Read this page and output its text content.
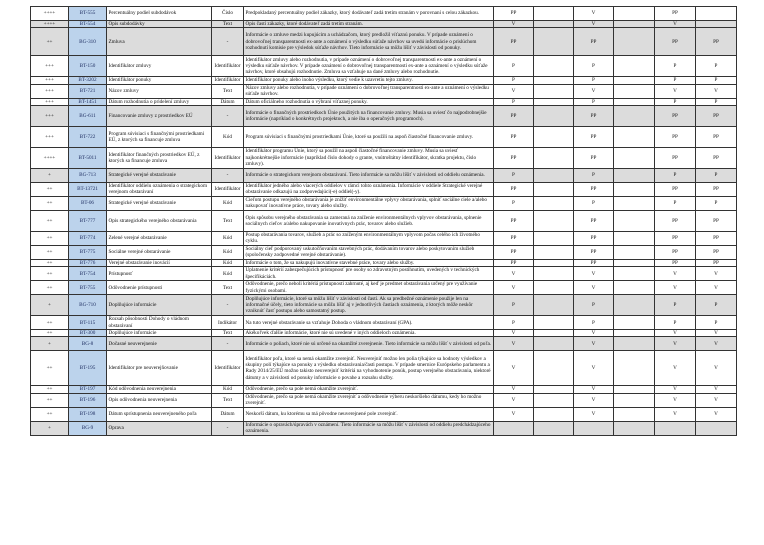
++++	BT-555	Percentuálny podiel subdodávok	Číslo	Predpokladaný percentuálny podiel zákazky, ktorý dodávateľ zadá tretím stranám v porovnaní s celou zákazkou.	PP		V		PP	
++++	BT-554	Opis subdodávky	Text	Opis častí zákazky, ktoré dodávateľ zadá tretím stranám.	V		V		V	
++	BG-310	Zmluva	-	Informácie o zmluve medzi kupujúcim a uchádzačom, ktorý predložil víťaznú ponuku. V prípade oznámení o dobrovoľnej transparentnosti ex-ante a oznámení o výsledku súťaže návrhov sa uvedú informácie o prislúchom rozhodnutí komisie pre výsledok súťaže návrhov. Tieto informácie sa môžu líšiť v závislosti od ponuky.	PP		PP		PP	PP
+++	BT-150	Identifikátor zmluvy	Identifikátor	Identifikátor zmluvy alebo rozhodnutia, v prípade oznámení o dobrovoľnej transparentnosti ex-ante a oznámení o výsledku súťaže návrhov. V prípade oznámení o dobrovoľnej transparentnosti ex-ante a oznámení o výsledku súťaže návrhov, ktoré obsahujú rozhodnutie. Zmluva sa vzťahuje na dané zmluvy alebo rozhodnutie.	P		P		P	P
+++	BT-3202	Identifikátor ponuky	Identifikátor	Identifikátor ponuky alebo inoho výsledku, ktorý vedie k uzavretiu tejto zmluvy.	P		P		P	P
+++	BT-721	Názov zmluvy	Text	Názov zmluvy alebo rozhodnutia, v prípade oznámení o dobrovoľnej transparentnosti ex-ante a oznámení o výsledku súťaže návrhov.	V		V		V	V
+++	BT-1451	Dátum rozhodnutia o pridelení zmluvy	Dátum	Dátum oficiálneho rozhodnutia o výbraní víťaznej ponuky.	P		P		P	P
+++	BG-611	Financovanie zmluvy z prostriedkov EÚ	-	Informácie o finančných prostriedkoch Únie použitých na financovanie zmluvy. Musia sa uviesť čo najpodrobnejšie informácie (napríklad o konkrétnych projektoch, a nie iba o operačných programoch).	PP		PP		PP	PP
+++	BT-722	Program súvisiaci s finančnými prostriedkami EÚ, z ktorých sa financuje zmluva	Kód	Program súvisiaci s finančnými prostriedkami Únie, ktoré sa použili na aspoň čiastočné financovanie zmluvy.	PP		PP		PP	PP
++++	BT-5011	Identifikátor finančných prostriedkov EÚ, z ktorých sa financuje zmluva	Identifikátor	Identifikátor programu Únie, ktorý sa použil na aspoň čiastočné financovanie zmluvy. Musia sa uviesť najkonkrétnejšie informácie (napríklad číslo dohody o grante, vnútroštátny identifikátor, skratka projektu, číslo zmluvy).	PP		PP		PP	PP
+	BG-713	Strategické verejné obstarávanie	-	Informácie o strategickom verejnom obstarávaní. Tieto informácie sa môžu líšiť v závislosti od oddielu oznámenia.	P		P		P	P
++	BT-13721	Identifikátor oddielu oznámenia o strategickom verejnom obstarávaní	Identifikátor	Identifikátor jedného alebo viacerých oddielov v rámci tohto oznámenia. Informácie v oddiele Strategické verejné obstarávanie odkazujú na zodpovedajúci(-e) oddiel(-y).	PP		PP		PP	PP
++	BT-06	Strategické verejné obstarávanie	Kód	Cieľom postupu verejného obstarávania je znížiť environmentálne vplyvy obstarávania, splniť sociálne ciele a/alebo nakupovať inovatívne práce, tovary alebo služby.	P		P		P	P
++	BT-777	Opis strategického verejného obstarávania	Text	Opis spôsobu verejného obstarávania sa zameraná na zníženie environmentálnych vplyvov obstarávania, splnenie sociálnych cieľov a/alebo nakupovanie inovatívnych prác, tovarov alebo služieb.	PP		PP		PP	PP
++	BT-774	Zelené verejné obstarávanie	Kód	Postup obstarávania tovarov, služieb a prác so zníženým environmentálnym vplyvom počas celého ich životného cyklu.	PP		PP		PP	PP
++	BT-775	Sociálne verejné obstarávanie	Kód	Sociálny cieľ podporovaný uskutočňovaním stavebných prác, dodávaním tovarov alebo poskytovaním služieb (spoločensky zodpovedné verejné obstarávanie).	PP		PP		PP	PP
++	BT-776	Verejné obstarávanie inovácií	Kód	Informácie o tom, že sa nakupujú inovatívne stavebné práce, tovary alebo služby.	PP		PP		PP	PP
++	BT-754	Prístupnosť	Kód	Uplatnenie kritérií zabezpečujúcich prístupnosť pre osoby so zdravotným postihnutím, uvedených v technických špecifikáciách.	V		V		V	V
++	BT-755	Odôvodnenie prístupnosti	Text	Odôvodnenie, prečo neboli kritériá prístupnosti zahrnuté, aj keď je predmet obstarávania určený pre využívanie fyzickými osobami.	V		V		V	V
+	BG-710	Doplňujúce informácie	-	Doplňujúce informácie, ktoré sa môžu líšiť v závislosti od častí. Ak sa predbežné oznámenie použije len na informačné účely, tieto informácie sa môžu líšiť aj v jednotlivých častiach oznámenia, z ktorých môže neskôr vzniknúť časť postupu alebo samostatný postup.	P		P		P	P
++	BT-115	Rozsah pôsobnosti Dohody o vládnom obstarávaní	Indikátor	Na tuto verejné obstarávanie sa vzťahuje Dohoda o vládnom obstarávaní (GPA).	P		P		P	P
++	BT-300	Doplňujúce informácie	Text	Akékoľvek ďalšie informácie, ktoré nie sú uvedené v iných oddieloch oznámenia.	V		V		V	V
+	BG-8	Dočasné neuverejnenie	-	Informácie o poliach, ktoré nie sú určené na okamžité zverejnenie. Tieto informácie sa môžu líšiť v závislosti od poľa.	V		V		V	V
++	BT-195	Identifikátor pre neuverejňovanie	Identifikátor	Identifikátor poľa, ktoré sa nemá okamžite zverejniť. Neuverejniť možno len polia týkajúce sa hodnoty výsledkov a skupiny polí týkajúce sa ponuky a výsledku obstarávania/časti postupu. V prípade smernice Európskeho parlamentu a Rady 2014/25/EÚ možno takisto neuverejniť kritériá na vyhodnotenie ponúk, postup verejného obstarávania, niektoré dátumy a v závislosti od ponuky informácie o povahe a rozsahu služby.	V		V		V	V
++	BT-197	Kód odôvodnenia neuverejnenia	Kód	Odôvodnenie, prečo sa pole nemá okamžite zverejniť.	V		V		V	V
++	BT-196	Opis odôvodnenia neuverejnenia	Text	Odôvodnenie, prečo sa pole nemá okamžite zverejniť a odôvodnenie výberu neskoršieho dátumu, kedy ho možno zverejniť.	V		V		V	V
++	BT-198	Dátum sprístupnenia neuverejneného poľa	Dátum	Neskorší dátum, ku ktorému sa má pôvodne neuverejnené pole zverejniť.	V		V		V	V
+	BG-9	Oprava	-	Informácie o opravách/úpravách v oznámení. Tieto informácie sa môžu líšiť v závislosti od oddielu predchádzajúceho oznámenia.						
